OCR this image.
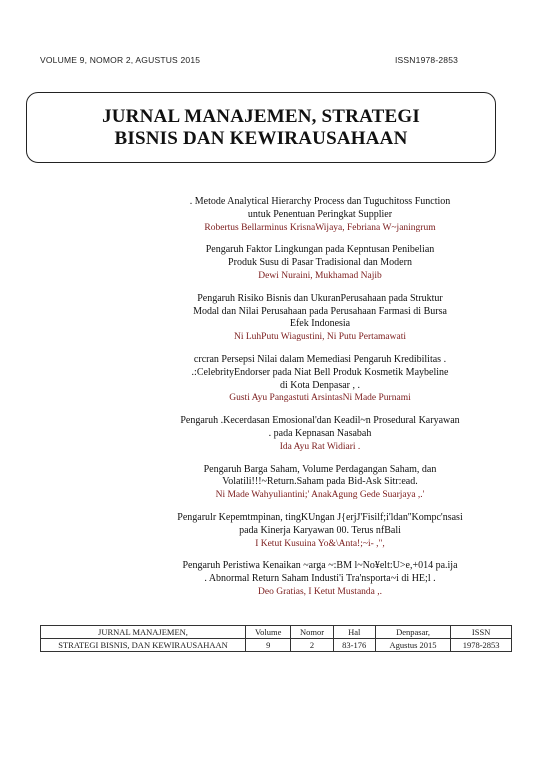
VOLUME 9, NOMOR 2, AGUSTUS 2015	ISSN1978-2853
JURNAL MANAJEMEN, STRATEGI
BISNIS DAN KEWIRAUSAHAAN
. Metode Analytical Hierarchy Process dan Tuguchitoss Function
untuk Penentuan Peringkat Supplier
Robertus Bellarminus KrisnaWijaya, Febriana W~janingrum
Pengaruh Faktor Lingkungan pada Kepntusan Penibelian
Produk Susu di Pasar Tradisional dan Modern
Dewi Nuraini, Mukhamad Najib
Pengaruh Risiko Bisnis dan UkuranPerusahaan pada Struktur
Modal dan Nilai Perusahaan pada Perusahaan Farmasi di Bursa
Efek Indonesia
Ni LuhPutu Wiagustini, Ni Putu Pertamawati
crcran Persepsi Nilai dalam Memediasi Pengaruh Kredibilitas .
.:CelebrityEndorser pada Niat Bell Produk Kosmetik Maybeline
di Kota Denpasar , .
Gusti Ayu Pangastuti ArsintasNi Made Purnami
Pengaruh .Kecerdasan Emosional'dan Keadil~n Prosedural Karyawan
. pada Kepnasan Nasabah
Ida Ayu Rat Widiari .
Pengaruh Barga Saham, Volume Perdagangan Saham, dan
Volatili!!!~Return.Saham pada Bid-Ask Sitr:ead.
Ni Made Wahyuliantini;' AnakAgung Gede Suarjaya ,.'
Pengarulr Kepemtmpinan, tingKUngan J{erjJ'Fisilf;i'ldan''Kompc'nsasi
pada Kinerja Karyawan 00. Terus nfBali
I Ketut Kusuina Yo&\Anta!;~i- ,",
Pengaruh Peristiwa Kenaikan ~arga ~:BM l~No¥elt:U>e,+014 pa.ija
. Abnormal Return Saham Industi'i Tra'nsporta~i di HE;l .
Deo Gratias, I Ketut Mustanda ,.
JURNAL MANAJEMEN,	Volume	Nomor	Hal	Denpasar,	ISSN
STRATEGI BISNIS, DAN KEWIRAUSAHAAN	9	2	83-176	Agustus 2015	1978-2853
